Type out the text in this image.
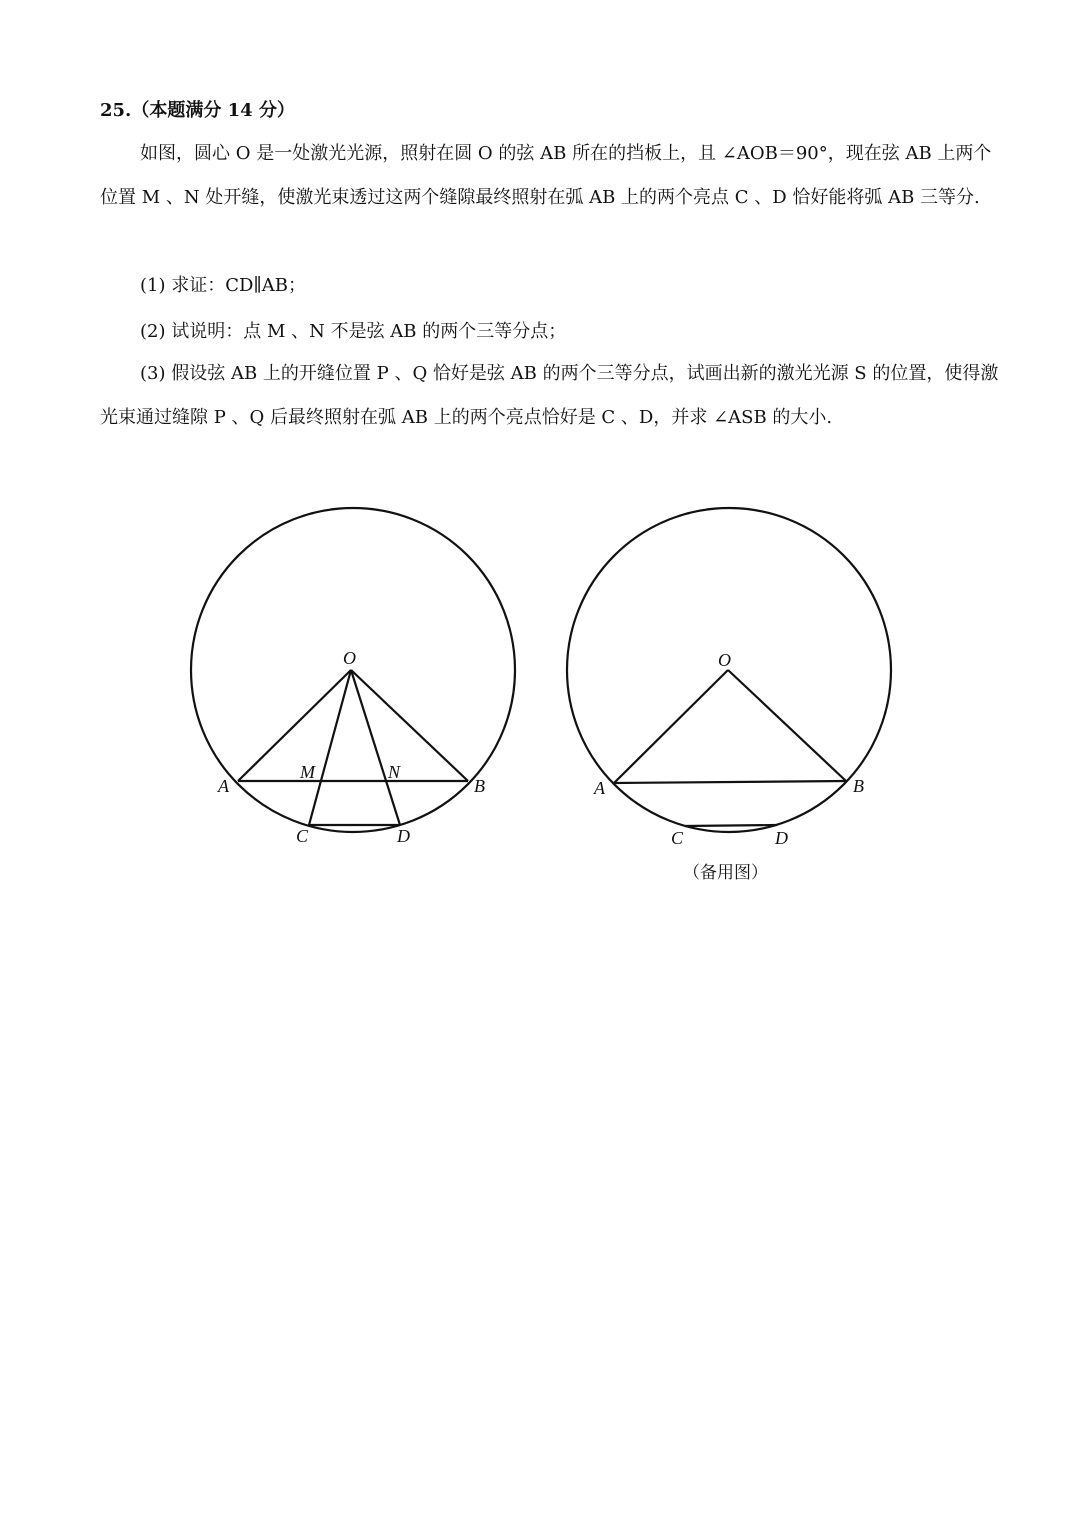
25.（本题满分 14 分）
如图，圆心 O 是一处激光光源，照射在圆 O 的弦 AB 所在的挡板上，且 ∠AOB＝90°，现在弦 AB 上两个位置 M 、N 处开缝，使激光束透过这两个缝隙最终照射在弧 AB 上的两个亮点 C 、D 恰好能将弧 AB 三等分.
(1) 求证：CD∥AB；
(2) 试说明：点 M 、N 不是弦 AB 的两个三等分点；
(3) 假设弦 AB 上的开缝位置 P 、Q 恰好是弦 AB 的两个三等分点，试画出新的激光光源 S 的位置，使得激光束通过缝隙 P 、Q 后最终照射在弧 AB 上的两个亮点恰好是 C 、D，并求 ∠ASB 的大小.
O
A	B
M	N
C	D
O
A	B
C	D
（备用图）
